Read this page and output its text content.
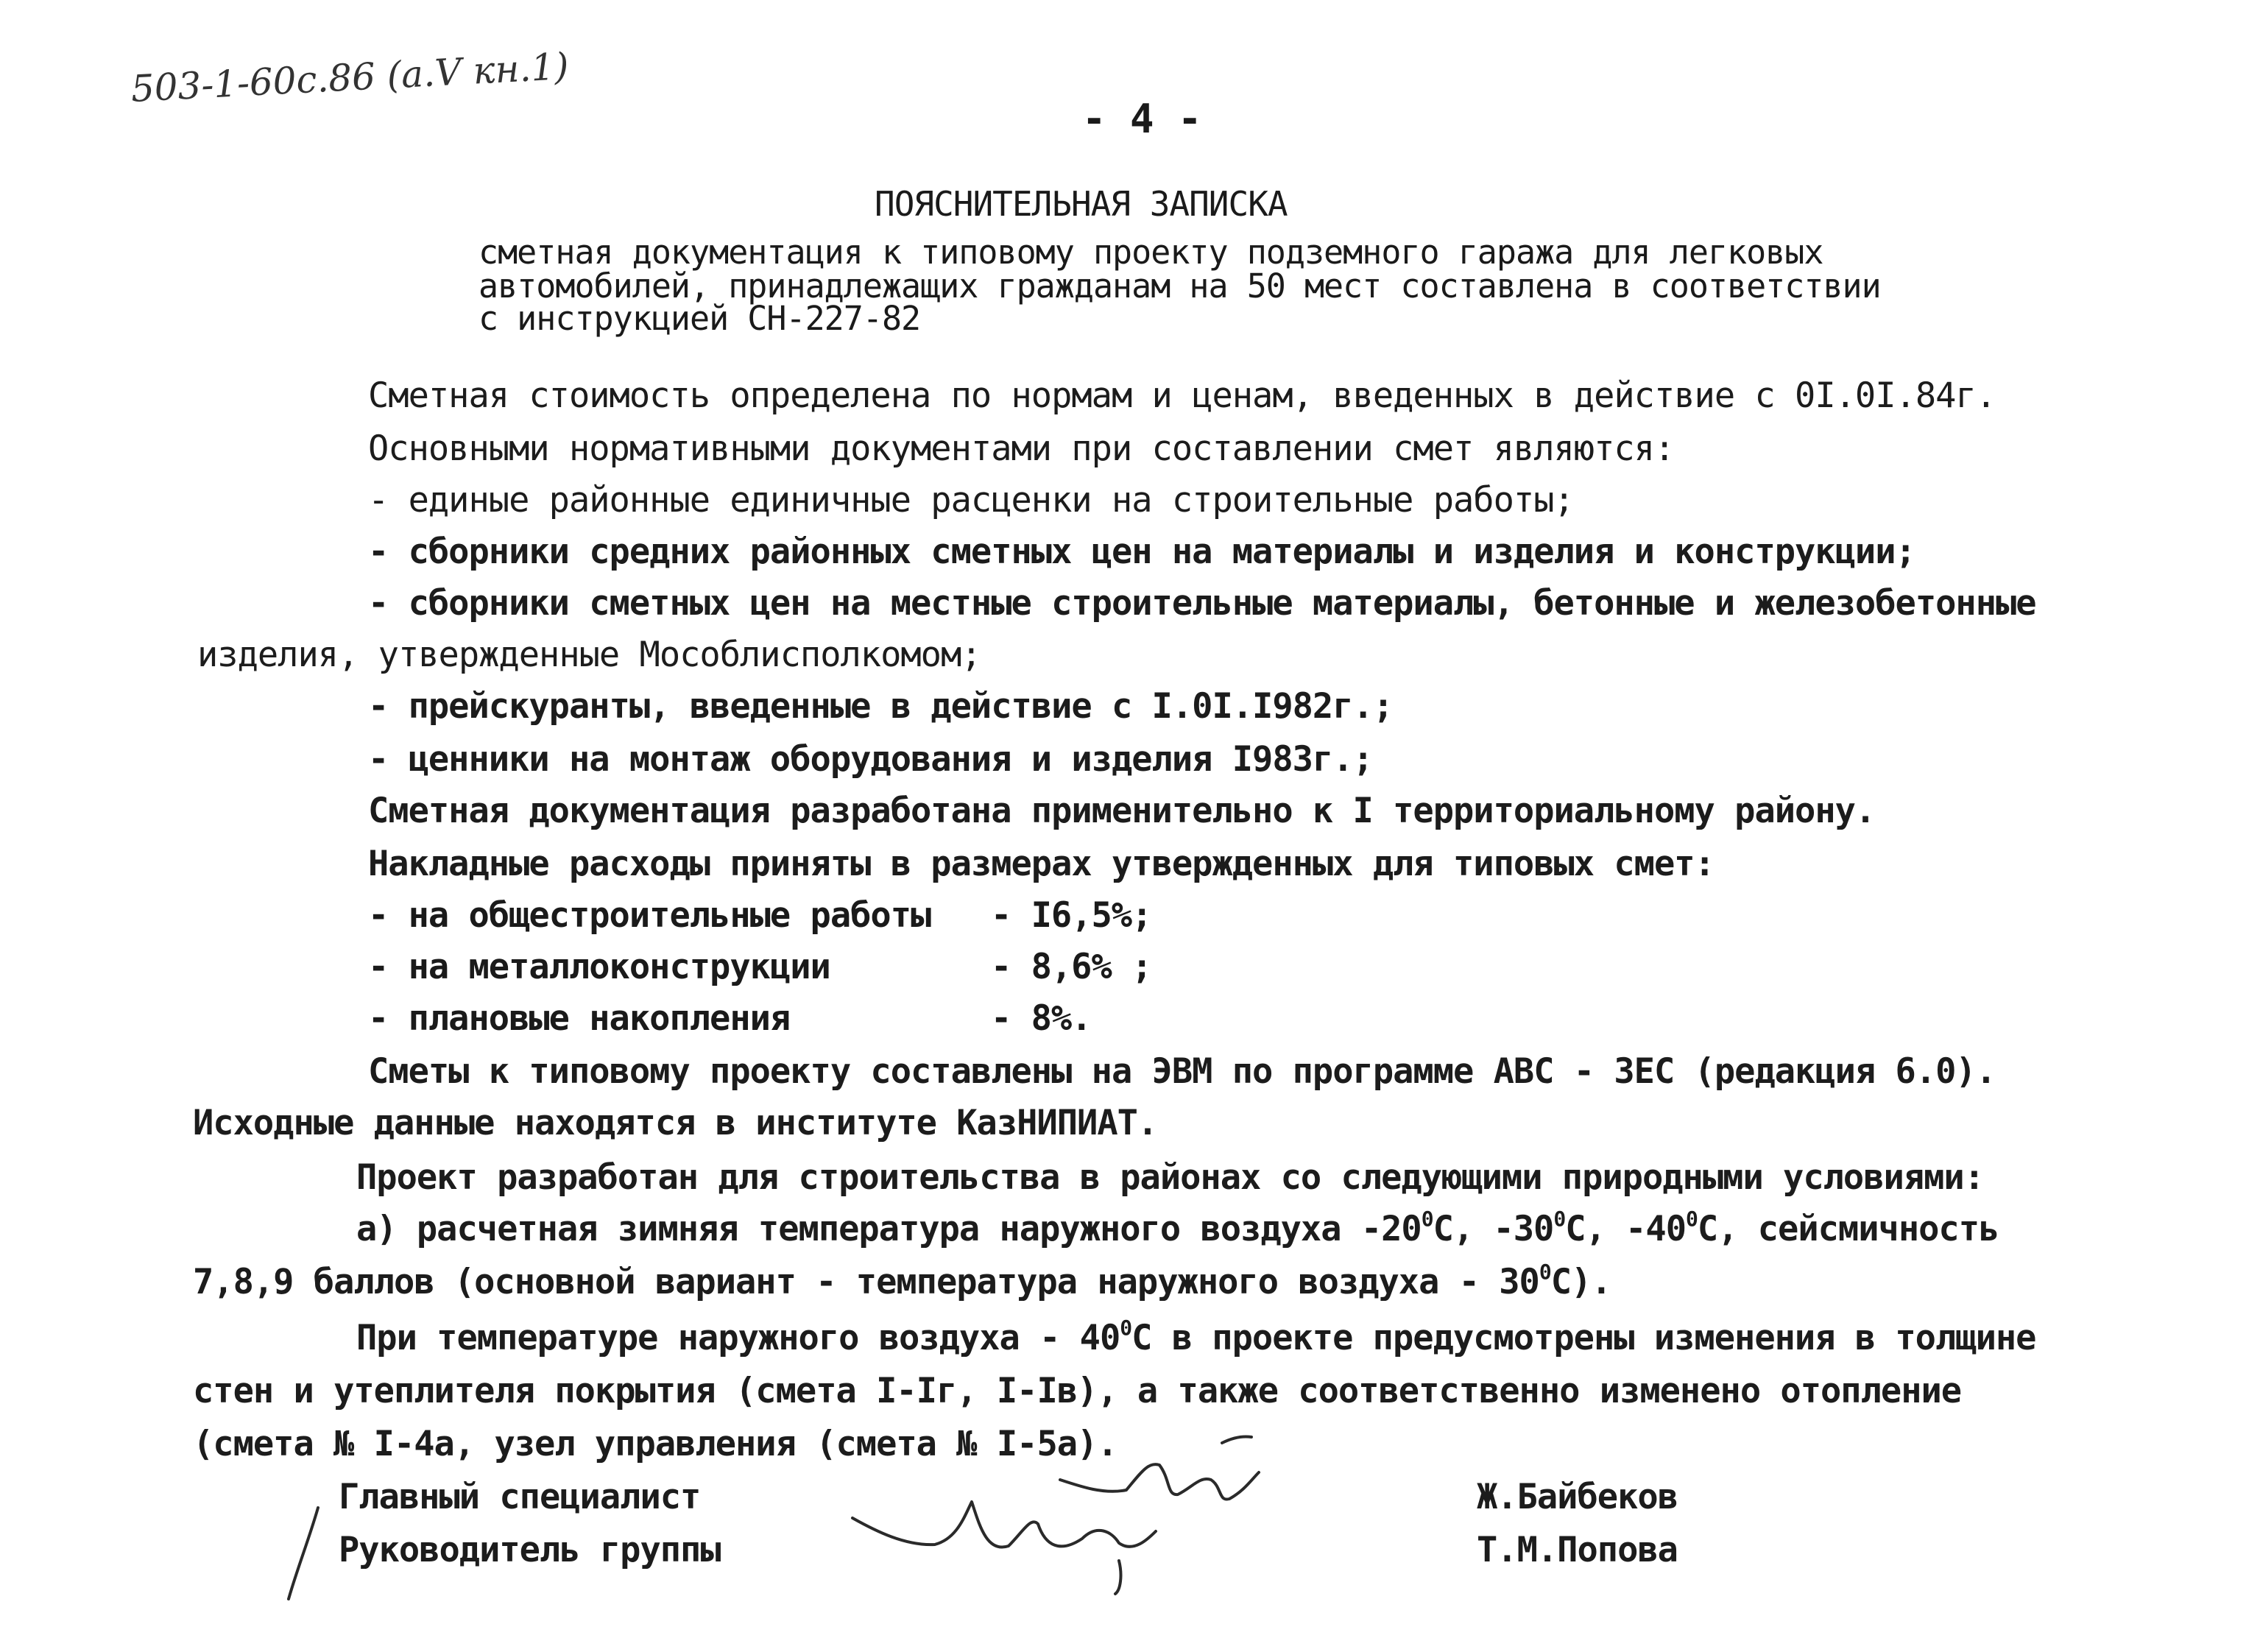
503-1-60с.86 (а.V кн.1)
- 4 -
ПОЯСНИТЕЛЬНАЯ ЗАПИСКА
сметная документация к типовому проекту подземного гаража для легковых
автомобилей, принадлежащих гражданам на 50 мест составлена в соответствии
с инструкцией СН-227-82
Сметная стоимость определена по нормам и ценам, введенных в действие с 0I.0I.84г.
Основными нормативными документами при составлении смет являются:
- единые районные единичные расценки на строительные работы;
- сборники средних районных сметных цен на материалы и изделия и конструкции;
- сборники сметных цен на местные строительные материалы, бетонные и железобетонные
изделия, утвержденные Мособлисполкомом;
- прейскуранты, введенные в действие с I.0I.I982г.;
- ценники на монтаж оборудования и изделия I983г.;
Сметная документация разработана применительно к I территориальному району.
Накладные расходы приняты в размерах утвержденных для типовых смет:
- на общестроительные работы - I6,5%;
- на металлоконструкции	- 8,6% ;
- плановые накопления	- 8%.
Сметы к типовому проекту составлены на ЭВМ по программе АВС - ЗЕС (редакция 6.0).
Исходные данные находятся в институте КазНИПИАТ.
Проект разработан для строительства в районах со следующими природными условиями:
а) расчетная зимняя температура наружного воздуха $-20^0С$, $-30^0С$, $-40^0С$, сейсмичность
7,8,9 баллов (основной вариант - температура наружного воздуха - $30^0С$).
При температуре наружного воздуха - $40^0С$ в проекте предусмотрены изменения в толщине
стен и утеплителя покрытия (смета I-Iг, I-Iв), а также соответственно изменено отопление
(смета № I-4а, узел управления (смета № I-5а).
Главный специалист	Ж.Байбеков
Руководитель группы	Т.М.Попова
